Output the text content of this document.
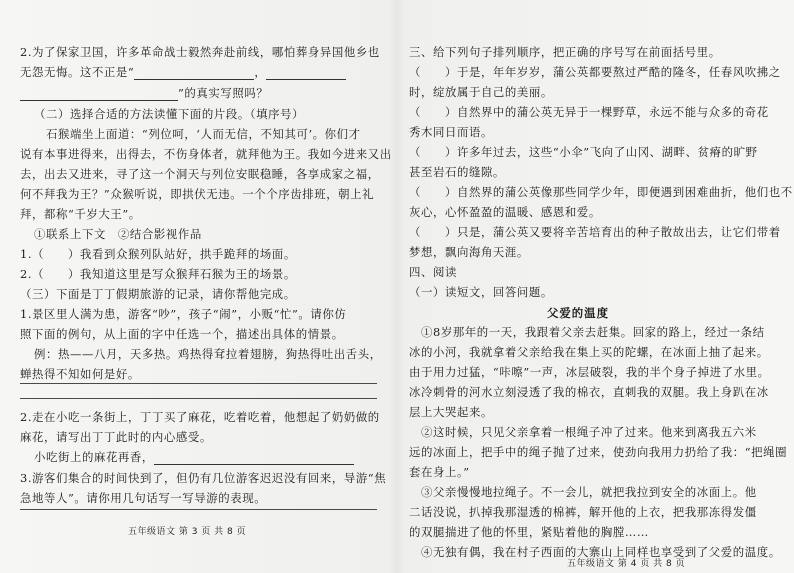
2.为了保家卫国，许多革命战士毅然奔赴前线，哪怕葬身异国他乡也
无怨无悔。这不正是“	，
”的真实写照吗？
（二）选择合适的方法读懂下面的片段。（填序号）
石猴端坐上面道：“列位呵，‘人而无信，不知其可’。你们才
说有本事进得来，出得去，不伤身体者，就拜他为王。我如今进来又出
去，出去又进来，寻了这一个洞天与列位安眠稳睡，各享成家之福，
何不拜我为王？”众猴听说，即拱伏无违。一个个序齿排班，朝上礼
拜，都称“千岁大王”。
①联系上下文　②结合影视作品
1.（　　）我看到众猴列队站好，拱手跪拜的场面。
2.（　　）我知道这里是写众猴拜石猴为王的场景。
（三）下面是丁丁假期旅游的记录，请你帮他完成。
1.景区里人满为患，游客“吵”，孩子“闹”，小贩“忙”。请你仿
照下面的例句，从上面的字中任选一个，描述出具体的情景。
例：热——八月，天多热。鸡热得耷拉着翅膀，狗热得吐出舌头，
蝉热得不知如何是好。
2.走在小吃一条街上，丁丁买了麻花，吃着吃着，他想起了奶奶做的
麻花，请写出丁丁此时的内心感受。
小吃街上的麻花再香，
3.游客们集合的时间快到了，但仍有几位游客迟迟没有回来，导游“焦
急地等人”。请你用几句话写一写导游的表现。
五年级语文 第 3 页 共 8 页
三、给下列句子排列顺序，把正确的序号写在前面括号里。
（　　）于是，年年岁岁，蒲公英都要熬过严酷的隆冬，任春风吹拂之
时，绽放属于自己的美丽。
（　　）自然界中的蒲公英无异于一棵野草，永远不能与众多的奇花
秀木同日而语。
（　　）许多年过去，这些“小伞”飞向了山冈、湖畔、贫瘠的旷野
甚至岩石的缝隙。
（　　）自然界的蒲公英像那些同学少年，即便遇到困难曲折，他们也不
灰心，心怀盈盈的温暖、感恩和爱。
（　　）只是，蒲公英又要将辛苦培育出的种子散故出去，让它们带着
梦想，飘向海角天涯。
四、阅读
（一）读短文，回答问题。
父爱的温度
①8岁那年的一天，我跟着父亲去赶集。回家的路上，经过一条结
冰的小河，我就拿着父亲给我在集上买的陀螺，在冰面上抽了起来。
由于用力过猛，“咔嚓”一声，冰层破裂，我的半个身子掉进了水里。
冰冷刺骨的河水立刻浸透了我的棉衣，直刺我的双腿。我上身趴在冰
层上大哭起来。
②这时候，只见父亲拿着一根绳子冲了过来。他来到离我五六米
远的冰面上，把手中的绳子抛了过来，使劲向我用力扔给了我：“把绳圈
套在身上。”
③父亲慢慢地拉绳子。不一会儿，就把我拉到安全的冰面上。他
二话没说，扒掉我那湿透的棉裤，解开他的上衣，把我那冻得发僵
的双腿揣进了他的怀里，紧贴着他的胸膛……
④无独有偶，我在村子西面的大寨山上同样也享受到了父爱的温度。
五年级语文 第 4 页 共 8 页
